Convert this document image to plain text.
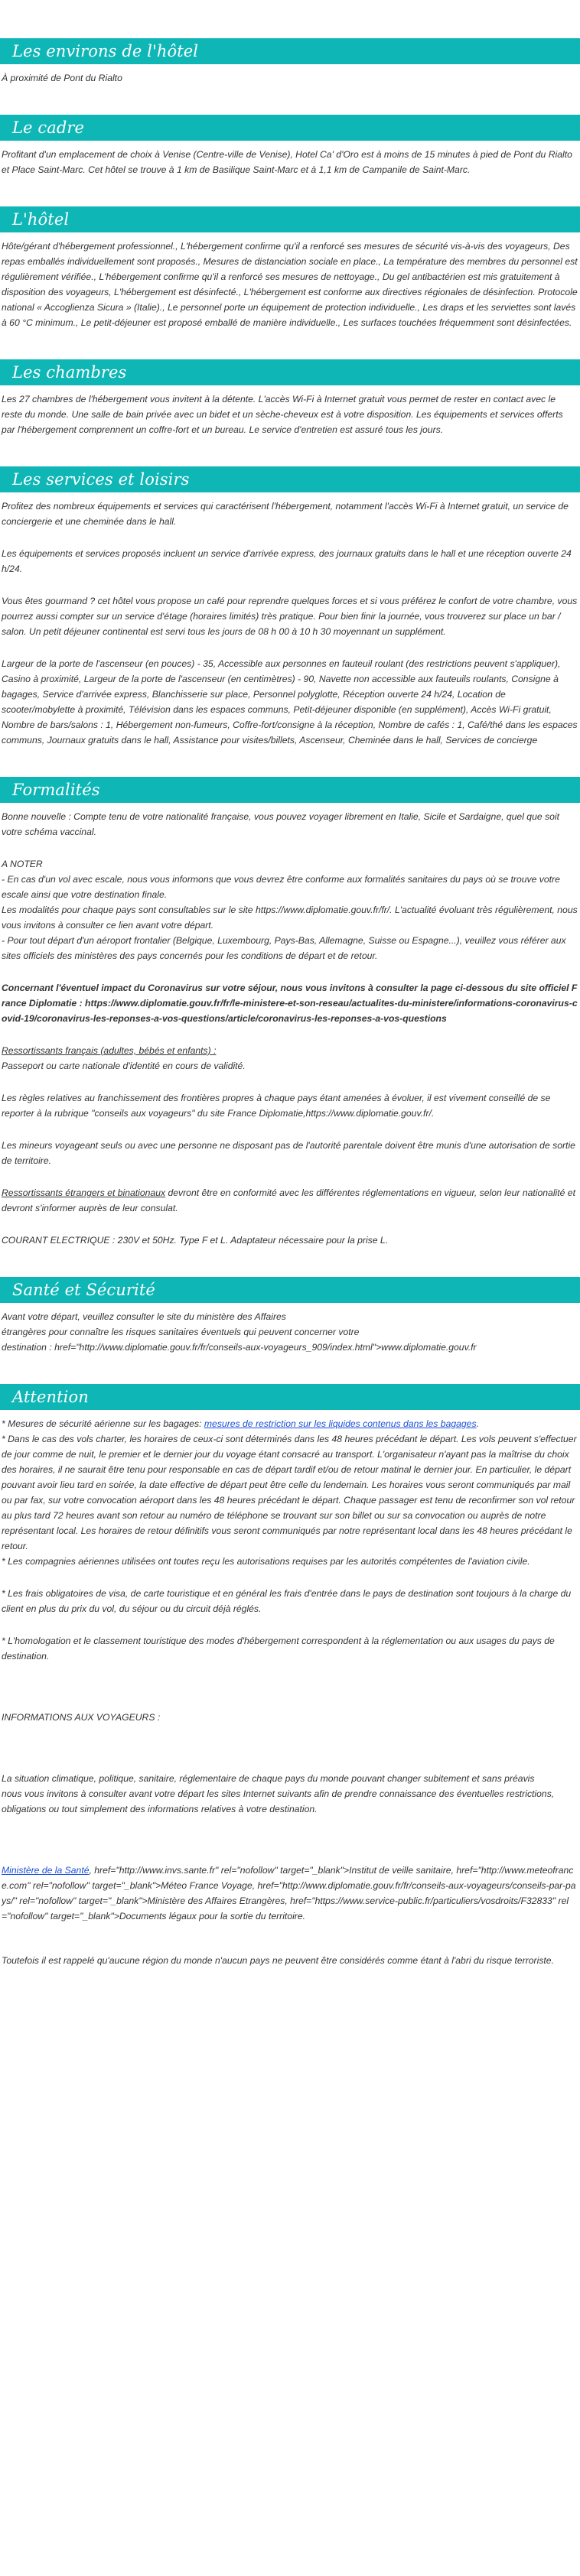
Les environs de l'hôtel

À proximité de Pont du Rialto

Le cadre

Profitant d'un emplacement de choix à Venise (Centre-ville de Venise), Hotel Ca' d'Oro est à moins de 15 minutes à pied de Pont du Rialto et Place Saint-Marc. Cet hôtel se trouve à 1 km de Basilique Saint-Marc et à 1,1 km de Campanile de Saint-Marc.

L'hôtel

Hôte/gérant d'hébergement professionnel., L'hébergement confirme qu'il a renforcé ses mesures de sécurité vis-à-vis des voyageurs, Des repas emballés individuellement sont proposés., Mesures de distanciation sociale en place., La température des membres du personnel est régulièrement vérifiée., L'hébergement confirme qu'il a renforcé ses mesures de nettoyage., Du gel antibactérien est mis gratuitement à disposition des voyageurs, L'hébergement est désinfecté., L'hébergement est conforme aux directives régionales de désinfection. Protocole national « Accoglienza Sicura » (Italie)., Le personnel porte un équipement de protection individuelle., Les draps et les serviettes sont lavés à 60 °C minimum., Le petit-déjeuner est proposé emballé de manière individuelle., Les surfaces touchées fréquemment sont désinfectées.

Les chambres

Les 27 chambres de l'hébergement vous invitent à la détente. L'accès Wi-Fi à Internet gratuit vous permet de rester en contact avec le reste du monde. Une salle de bain privée avec un bidet et un sèche-cheveux est à votre disposition. Les équipements et services offerts par l'hébergement comprennent un coffre-fort et un bureau. Le service d'entretien est assuré tous les jours.

Les services et loisirs

Profitez des nombreux équipements et services qui caractérisent l'hébergement, notamment l'accès Wi-Fi à Internet gratuit, un service de conciergerie et une cheminée dans le hall.

Les équipements et services proposés incluent un service d'arrivée express, des journaux gratuits dans le hall et une réception ouverte 24 h/24.

Vous êtes gourmand ? cet hôtel vous propose un café pour reprendre quelques forces et si vous préférez le confort de votre chambre, vous pourrez aussi compter sur un service d'étage (horaires limités) très pratique. Pour bien finir la journée, vous trouverez sur place un bar / salon. Un petit déjeuner continental est servi tous les jours de 08 h 00 à 10 h 30 moyennant un supplément.

Largeur de la porte de l'ascenseur (en pouces) - 35, Accessible aux personnes en fauteuil roulant (des restrictions peuvent s'appliquer), Casino à proximité, Largeur de la porte de l'ascenseur (en centimètres) - 90, Navette non accessible aux fauteuils roulants, Consigne à bagages, Service d'arrivée express, Blanchisserie sur place, Personnel polyglotte, Réception ouverte 24 h/24, Location de scooter/mobylette à proximité, Télévision dans les espaces communs, Petit-déjeuner disponible (en supplément), Accès Wi-Fi gratuit, Nombre de bars/salons : 1, Hébergement non-fumeurs, Coffre-fort/consigne à la réception, Nombre de cafés : 1, Café/thé dans les espaces communs, Journaux gratuits dans le hall, Assistance pour visites/billets, Ascenseur, Cheminée dans le hall, Services de concierge

Formalités

Bonne nouvelle : Compte tenu de votre nationalité française, vous pouvez voyager librement en Italie, Sicile et Sardaigne, quel que soit votre schéma vaccinal.

A NOTER

- En cas d'un vol avec escale, nous vous informons que vous devrez être conforme aux formalités sanitaires du pays où se trouve votre escale ainsi que votre destination finale.

Les modalités pour chaque pays sont consultables sur le site https://www.diplomatie.gouv.fr/fr/. L'actualité évoluant très régulièrement, nous vous invitons à consulter ce lien avant votre départ.

- Pour tout départ d'un aéroport frontalier (Belgique, Luxembourg, Pays-Bas, Allemagne, Suisse ou Espagne...), veuillez vous référer aux sites officiels des ministères des pays concernés pour les conditions de départ et de retour.

Concernant l'éventuel impact du Coronavirus sur votre séjour, nous vous invitons à consulter la page ci-dessous du site officiel France Diplomatie : https://www.diplomatie.gouv.fr/fr/le-ministere-et-son-reseau/actualites-du-ministere/informations-coronavirus-covid-19/coronavirus-les-reponses-a-vos-questions/article/coronavirus-les-reponses-a-vos-questions

Ressortissants français (adultes, bébés et enfants) :

Passeport ou carte nationale d'identité en cours de validité.

Les règles relatives au franchissement des frontières propres à chaque pays étant amenées à évoluer, il est vivement conseillé de se reporter à la rubrique "conseils aux voyageurs" du site France Diplomatie,https://www.diplomatie.gouv.fr/.

Les mineurs voyageant seuls ou avec une personne ne disposant pas de l'autorité parentale doivent être munis d'une autorisation de sortie de territoire.

Ressortissants étrangers et binationaux devront être en conformité avec les différentes réglementations en vigueur, selon leur nationalité et devront s'informer auprès de leur consulat.

COURANT ELECTRIQUE : 230V et 50Hz. Type F et L. Adaptateur nécessaire pour la prise L.

Santé et Sécurité

Avant votre départ, veuillez consulter le site du ministère des Affaires

étrangères pour connaître les risques sanitaires éventuels qui peuvent concerner votre

destination : href="http://www.diplomatie.gouv.fr/fr/conseils-aux-voyageurs_909/index.html">www.diplomatie.gouv.fr

Attention

* Mesures de sécurité aérienne sur les bagages: mesures de restriction sur les liquides contenus dans les bagages.

* Dans le cas des vols charter, les horaires de ceux-ci sont déterminés dans les 48 heures précédant le départ. Les vols peuvent s'effectuer de jour comme de nuit, le premier et le dernier jour du voyage étant consacré au transport. L'organisateur n'ayant pas la maîtrise du choix des horaires, il ne saurait être tenu pour responsable en cas de départ tardif et/ou de retour matinal le dernier jour. En particulier, le départ pouvant avoir lieu tard en soirée, la date effective de départ peut être celle du lendemain. Les horaires vous seront communiqués par mail ou par fax, sur votre convocation aéroport dans les 48 heures précédant le départ. Chaque passager est tenu de reconfirmer son vol retour au plus tard 72 heures avant son retour au numéro de téléphone se trouvant sur son billet ou sur sa convocation ou auprès de notre représentant local. Les horaires de retour définitifs vous seront communiqués par notre représentant local dans les 48 heures précédant le retour.

* Les compagnies aériennes utilisées ont toutes reçu les autorisations requises par les autorités compétentes de l'aviation civile.

* Les frais obligatoires de visa, de carte touristique et en général les frais d'entrée dans le pays de destination sont toujours à la charge du client en plus du prix du vol, du séjour ou du circuit déjà réglés.

* L'homologation et le classement touristique des modes d'hébergement correspondent à la réglementation ou aux usages du pays de destination.

INFORMATIONS AUX VOYAGEURS :

La situation climatique, politique, sanitaire, réglementaire de chaque pays du monde pouvant changer subitement et sans préavis

nous vous invitons à consulter avant votre départ les sites Internet suivants afin de prendre connaissance des éventuelles restrictions, obligations ou tout simplement des informations relatives à votre destination.

Ministère de la Santé, href="http://www.invs.sante.fr" rel="nofollow" target="_blank">Institut de veille sanitaire, href="http://www.meteofrance.com" rel="nofollow" target="_blank">Méteo France Voyage, href="http://www.diplomatie.gouv.fr/fr/conseils-aux-voyageurs/conseils-par-pays/" rel="nofollow" target="_blank">Ministère des Affaires Etrangères, href="https://www.service-public.fr/particuliers/vosdroits/F32833" rel="nofollow" target="_blank">Documents légaux pour la sortie du territoire.

Toutefois il est rappelé qu'aucune région du monde n'aucun pays ne peuvent être considérés comme étant à l'abri du risque terroriste.
